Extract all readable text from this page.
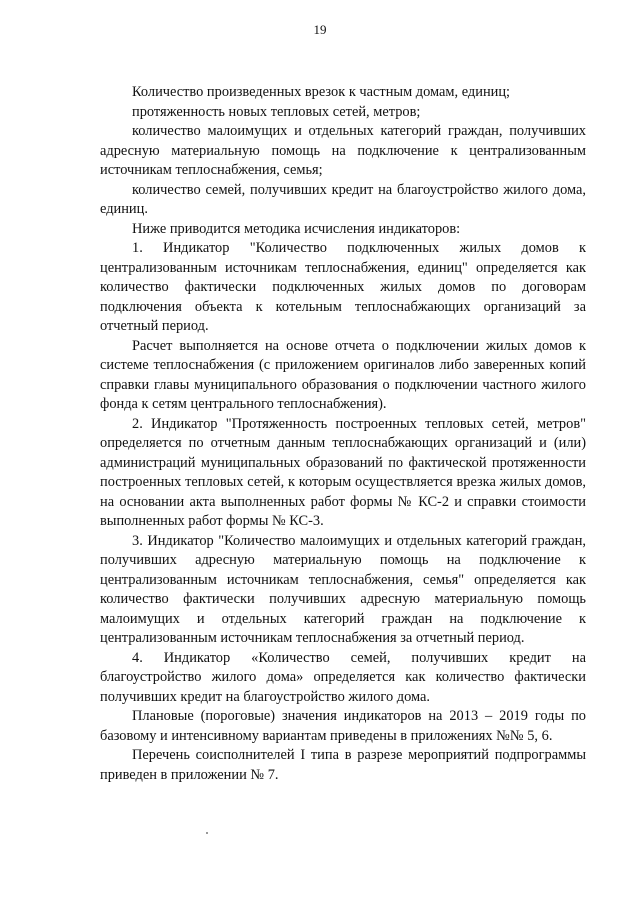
19

Количество произведенных врезок к частным домам, единиц;

протяженность новых тепловых сетей, метров;

количество малоимущих и отдельных категорий граждан, получивших адресную материальную помощь на подключение к централизованным источникам теплоснабжения, семья;

количество семей, получивших кредит на благоустройство жилого дома, единиц.

Ниже приводится методика исчисления индикаторов:

1. Индикатор "Количество подключенных жилых домов к централизованным источникам теплоснабжения, единиц" определяется как количество фактически подключенных жилых домов по договорам подключения объекта к котельным теплоснабжающих организаций за отчетный период.

Расчет выполняется на основе отчета о подключении жилых домов к системе теплоснабжения (с приложением оригиналов либо заверенных копий справки главы муниципального образования о подключении частного жилого фонда к сетям центрального теплоснабжения).

2. Индикатор "Протяженность построенных тепловых сетей, метров" определяется по отчетным данным теплоснабжающих организаций и (или) администраций муниципальных образований по фактической протяженности построенных тепловых сетей, к которым осуществляется врезка жилых домов, на основании акта выполненных работ формы № КС-2 и справки стоимости выполненных работ формы № КС-3.

3. Индикатор "Количество малоимущих и отдельных категорий граждан, получивших адресную материальную помощь на подключение к централизованным источникам теплоснабжения, семья" определяется как количество фактически получивших адресную материальную помощь малоимущих и отдельных категорий граждан на подключение к централизованным источникам теплоснабжения за отчетный период.

4. Индикатор «Количество семей, получивших кредит на благоустройство жилого дома» определяется как количество фактически получивших кредит на благоустройство жилого дома.

Плановые (пороговые) значения индикаторов на 2013 – 2019 годы по базовому и интенсивному вариантам приведены в приложениях №№ 5, 6.

Перечень соисполнителей I типа в разрезе мероприятий подпрограммы приведен в приложении № 7.
